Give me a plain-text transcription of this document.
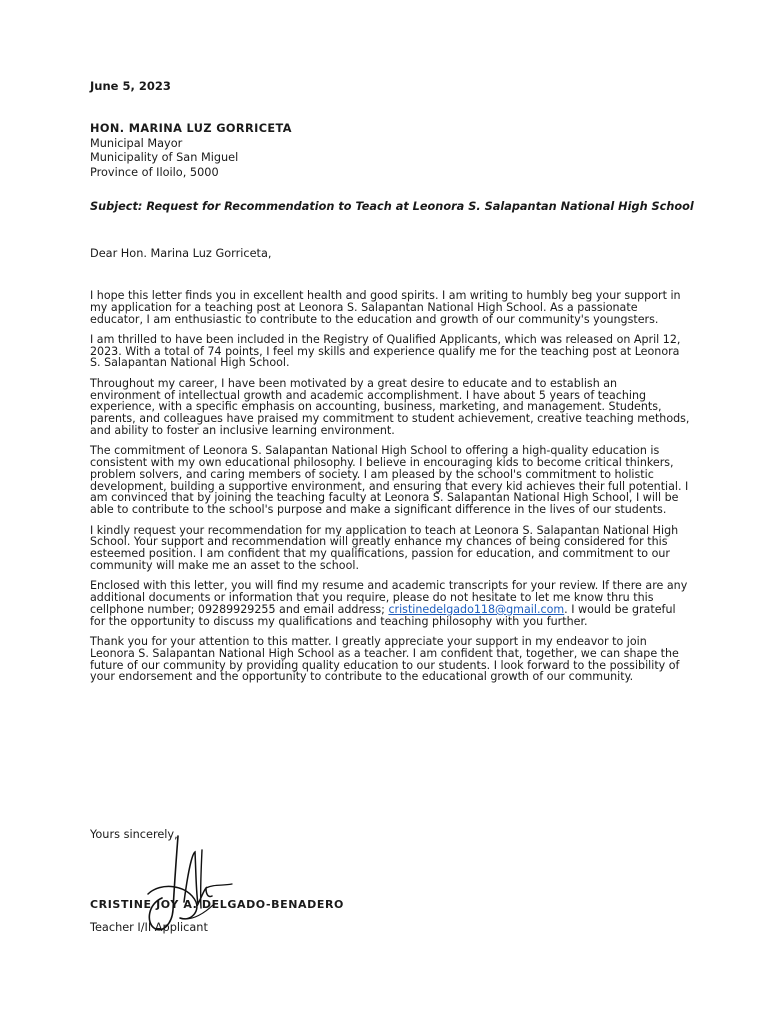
June 5, 2023

HON. MARINA LUZ GORRICETA
Municipal Mayor
Municipality of San Miguel
Province of Iloilo, 5000

Subject: Request for Recommendation to Teach at Leonora S. Salapantan National High School

Dear Hon. Marina Luz Gorriceta,

I hope this letter finds you in excellent health and good spirits. I am writing to humbly beg your support in my application for a teaching post at Leonora S. Salapantan National High School. As a passionate educator, I am enthusiastic to contribute to the education and growth of our community's youngsters.

I am thrilled to have been included in the Registry of Qualified Applicants, which was released on April 12, 2023. With a total of 74 points, I feel my skills and experience qualify me for the teaching post at Leonora S. Salapantan National High School.

Throughout my career, I have been motivated by a great desire to educate and to establish an environment of intellectual growth and academic accomplishment. I have about 5 years of teaching experience, with a specific emphasis on accounting, business, marketing, and management. Students, parents, and colleagues have praised my commitment to student achievement, creative teaching methods, and ability to foster an inclusive learning environment.

The commitment of Leonora S. Salapantan National High School to offering a high-quality education is consistent with my own educational philosophy. I believe in encouraging kids to become critical thinkers, problem solvers, and caring members of society. I am pleased by the school's commitment to holistic development, building a supportive environment, and ensuring that every kid achieves their full potential. I am convinced that by joining the teaching faculty at Leonora S. Salapantan National High School, I will be able to contribute to the school's purpose and make a significant difference in the lives of our students.

I kindly request your recommendation for my application to teach at Leonora S. Salapantan National High School. Your support and recommendation will greatly enhance my chances of being considered for this esteemed position. I am confident that my qualifications, passion for education, and commitment to our community will make me an asset to the school.

Enclosed with this letter, you will find my resume and academic transcripts for your review. If there are any additional documents or information that you require, please do not hesitate to let me know thru this cellphone number; 09289929255 and email address; cristinedelgado118@gmail.com. I would be grateful for the opportunity to discuss my qualifications and teaching philosophy with you further.

Thank you for your attention to this matter. I greatly appreciate your support in my endeavor to join Leonora S. Salapantan National High School as a teacher. I am confident that, together, we can shape the future of our community by providing quality education to our students. I look forward to the possibility of your endorsement and the opportunity to contribute to the educational growth of our community.

Yours sincerely,

CRISTINE JOY A. DELGADO-BENADERO

Teacher I/II Applicant
